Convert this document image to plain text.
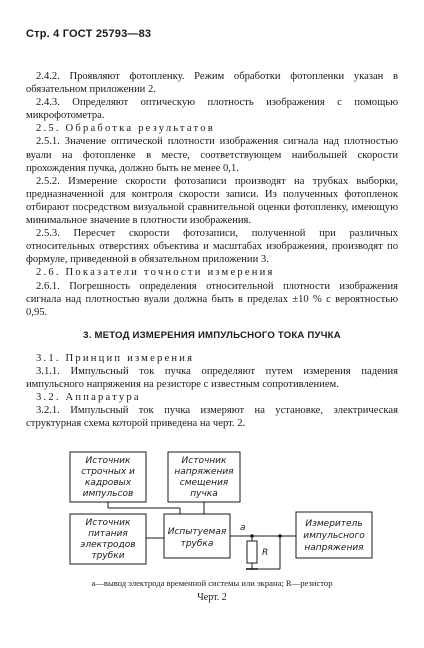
Стр. 4 ГОСТ 25793—83

2.4.2. Проявляют фотопленку. Режим обработки фотопленки указан в обязательном приложении 2.

2.4.3. Определяют оптическую плотность изображения с помощью микрофотометра.

2.5. Обработка результатов

2.5.1. Значение оптической плотности изображения сигнала над плотностью вуали на фотопленке в месте, соответствующем наибольшей скорости прохождения пучка, должно быть не менее 0,1.

2.5.2. Измерение скорости фотозаписи производят на трубках выборки, предназначенной для контроля скорости записи. Из полученных фотопленок отбирают посредством визуальной сравнительной оценки фотопленку, имеющую минимальное значение в плотности изображения.

2.5.3. Пересчет скорости фотозаписи, полученной при различных относительных отверстиях объектива и масштабах изображения, производят по формуле, приведенной в обязательном приложении 3.

2.6. Показатели точности измерения

2.6.1. Погрешность определения относительной плотности изображения сигнала над плотностью вуали должна быть в пределах ±10 % с вероятностью 0,95.

3. МЕТОД ИЗМЕРЕНИЯ ИМПУЛЬСНОГО ТОКА ПУЧКА

3.1. Принцип измерения

3.1.1. Импульсный ток пучка определяют путем измерения падения импульсного напряжения на резисторе с известным сопротивлением.

3.2. Аппаратура

3.2.1. Импульсный ток пучка измеряют на установке, электрическая структурная схема которой приведена на черт. 2.

Источник
строчных и
кадровых
импульсов
Источник
напряжения
смещения
пучка
Источник
питания
электродов
трубки
Испытуемая
трубка
Измеритель
импульсного
напряжения
a
R
а—вывод электрода временной системы или экрана; R—резистор
Черт. 2
